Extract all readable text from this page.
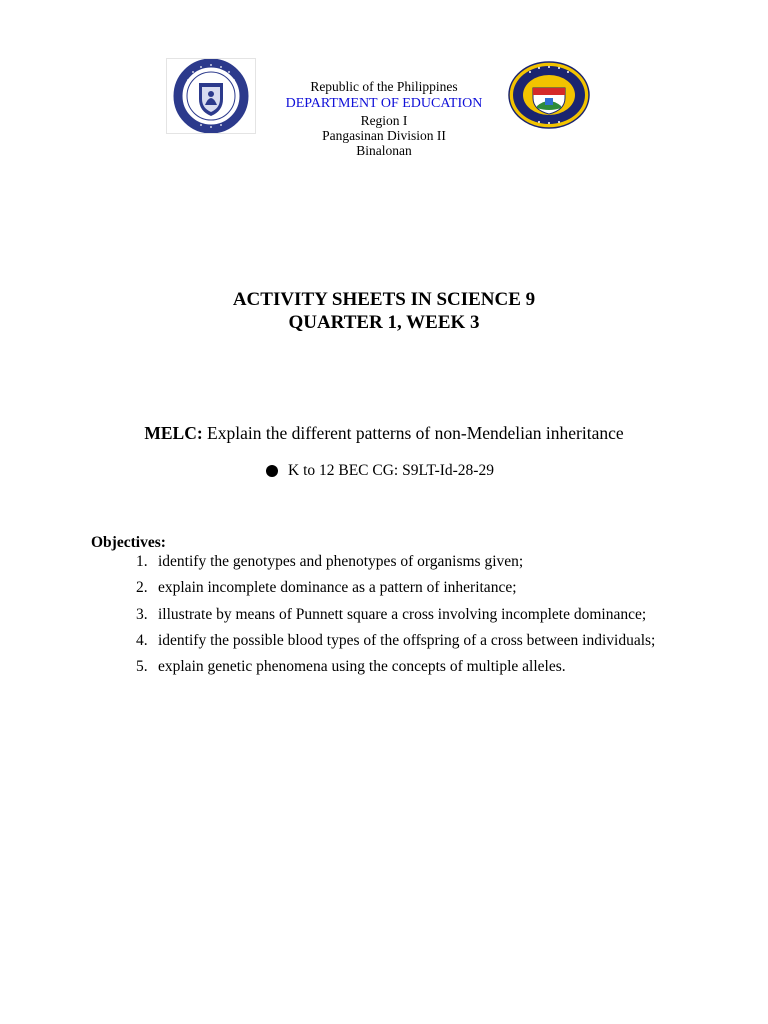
Republic of the Philippines
DEPARTMENT OF EDUCATION
Region I
Pangasinan Division II
Binalonan
ACTIVITY SHEETS IN SCIENCE 9
QUARTER 1, WEEK 3
MELC: Explain the different patterns of non-Mendelian inheritance
K to 12 BEC CG: S9LT-Id-28-29
Objectives:
1. identify the genotypes and phenotypes of organisms given;
2. explain incomplete dominance as a pattern of inheritance;
3. illustrate by means of Punnett square a cross involving incomplete dominance;
4. identify the possible blood types of the offspring of a cross between individuals;
5. explain genetic phenomena using the concepts of multiple alleles.
